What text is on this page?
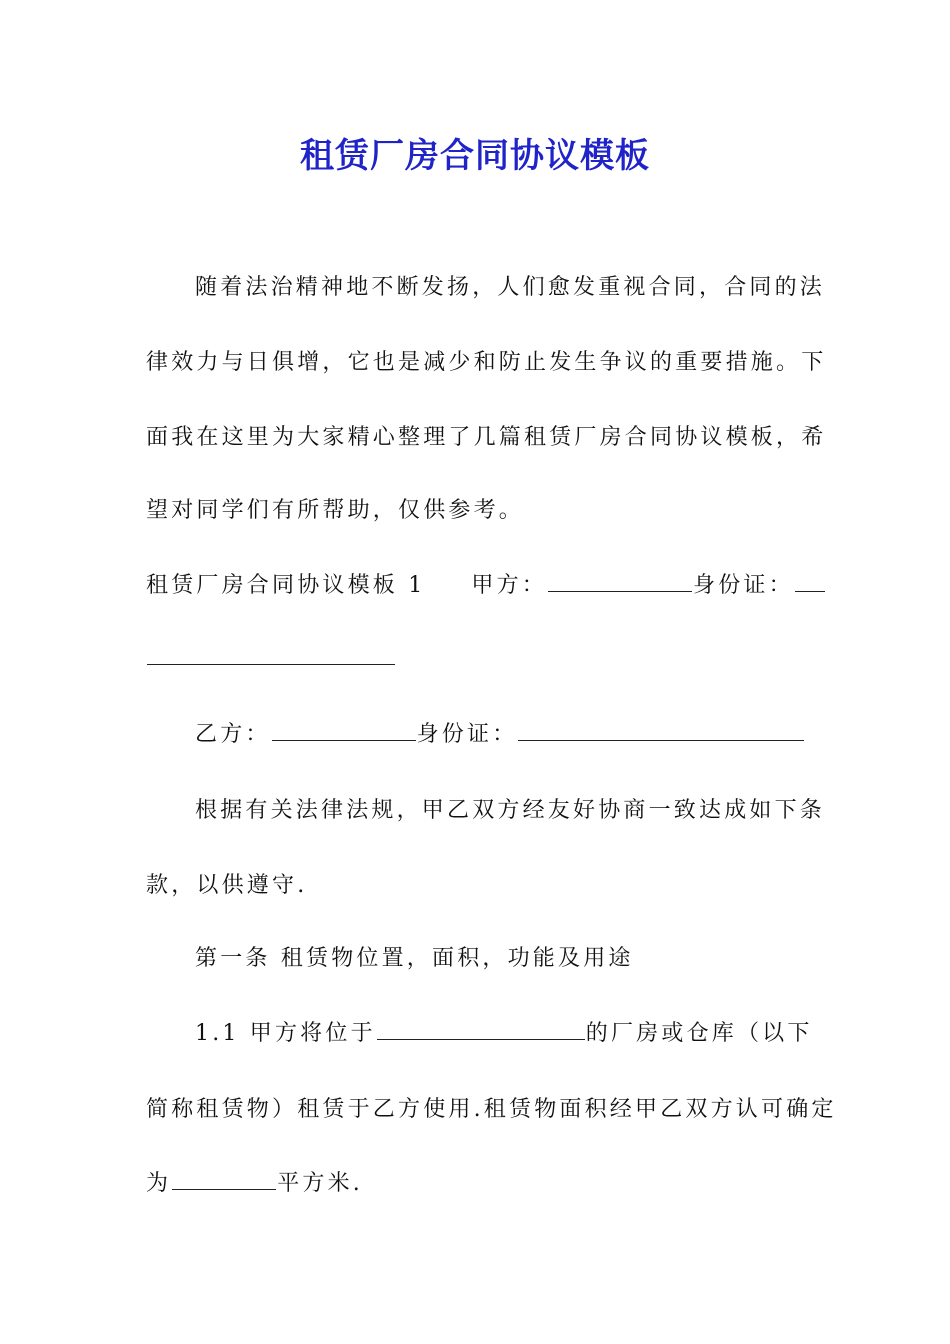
租赁厂房合同协议模板
随着法治精神地不断发扬，人们愈发重视合同，合同的法
律效力与日俱增，它也是减少和防止发生争议的重要措施。下
面我在这里为大家精心整理了几篇租赁厂房合同协议模板，希
望对同学们有所帮助，仅供参考。
租赁厂房合同协议模板 1 甲方：	身份证：
乙方：	身份证：
根据有关法律法规，甲乙双方经友好协商一致达成如下条
款，以供遵守.
第一条 租赁物位置，面积，功能及用途
1.1 甲方将位于	的厂房或仓库（以下
简称租赁物）租赁于乙方使用.租赁物面积经甲乙双方认可确定
为	平方米.
